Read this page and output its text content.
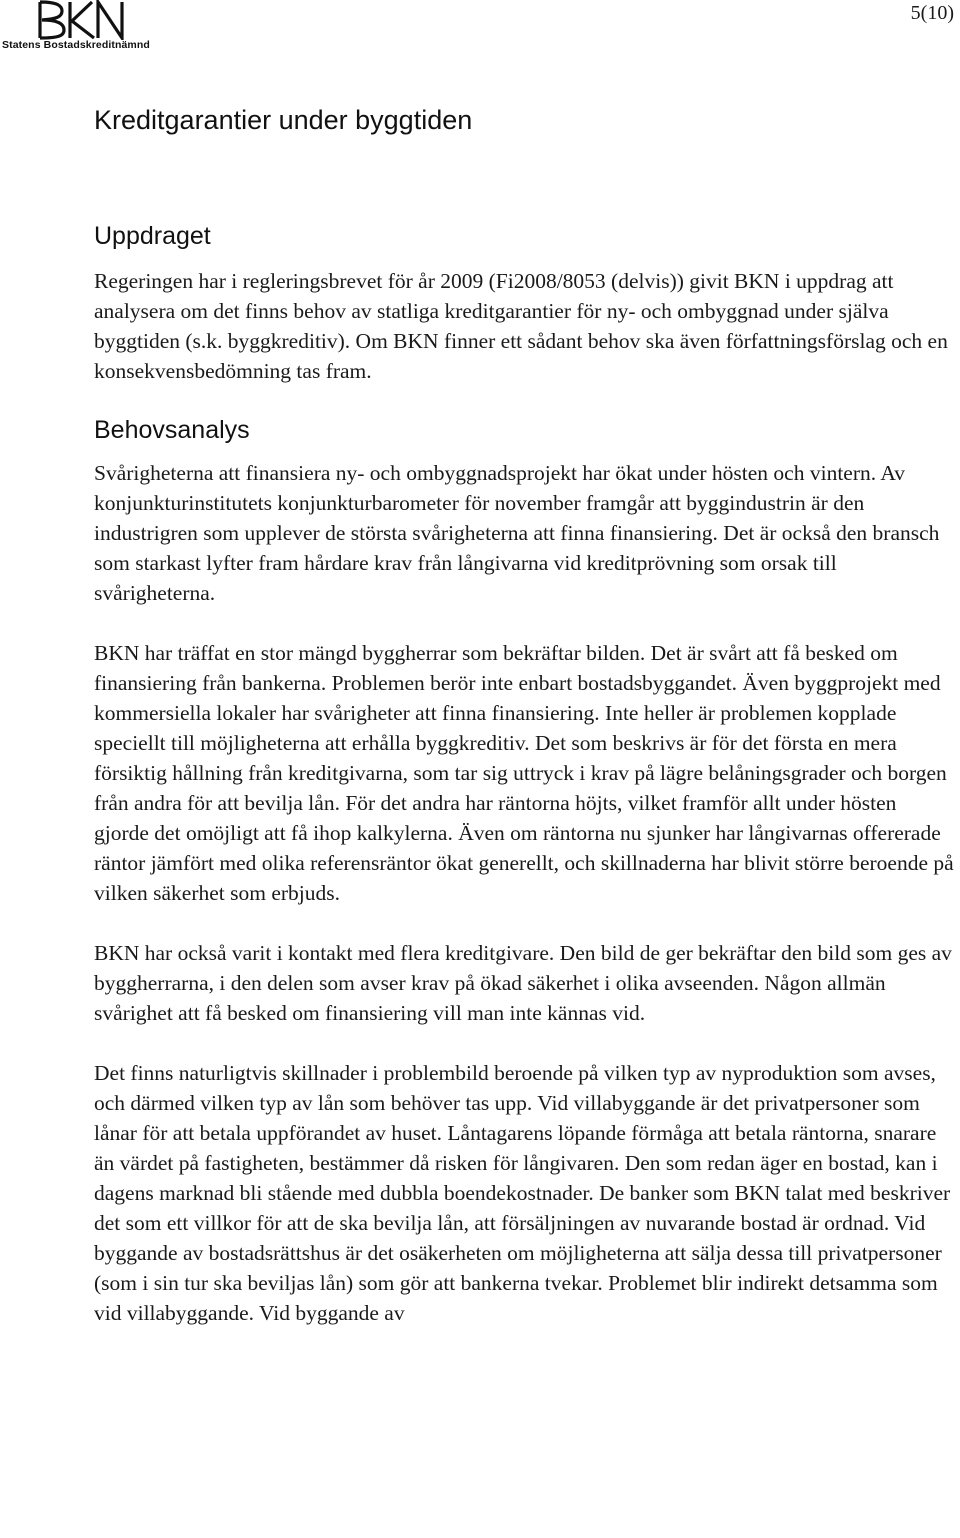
Statens Bostadskreditnämnd
5(10)
Kreditgarantier under byggtiden
Uppdraget

Regeringen har i regleringsbrevet för år 2009 (Fi2008/8053 (delvis)) givit BKN i uppdrag att analysera om det finns behov av statliga kreditgarantier för ny- och ombyggnad under själva byggtiden (s.k. byggkreditiv). Om BKN finner ett sådant behov ska även författningsförslag och en konsekvensbedömning tas fram.

Behovsanalys

Svårigheterna att finansiera ny- och ombyggnadsprojekt har ökat under hösten och vintern. Av konjunkturinstitutets konjunkturbarometer för november framgår att byggindustrin är den industrigren som upplever de största svårigheterna att finna finansiering. Det är också den bransch som starkast lyfter fram hårdare krav från långivarna vid kreditprövning som orsak till svårigheterna.

BKN har träffat en stor mängd byggherrar som bekräftar bilden. Det är svårt att få besked om finansiering från bankerna. Problemen berör inte enbart bostadsbyggandet. Även byggprojekt med kommersiella lokaler har svårigheter att finna finansiering. Inte heller är problemen kopplade speciellt till möjligheterna att erhålla byggkreditiv. Det som beskrivs är för det första en mera försiktig hållning från kreditgivarna, som tar sig uttryck i krav på lägre belåningsgrader och borgen från andra för att bevilja lån. För det andra har räntorna höjts, vilket framför allt under hösten gjorde det omöjligt att få ihop kalkylerna. Även om räntorna nu sjunker har långivarnas offererade räntor jämfört med olika referensräntor ökat generellt, och skillnaderna har blivit större beroende på vilken säkerhet som erbjuds.

BKN har också varit i kontakt med flera kreditgivare. Den bild de ger bekräftar den bild som ges av byggherrarna, i den delen som avser krav på ökad säkerhet i olika avseenden. Någon allmän svårighet att få besked om finansiering vill man inte kännas vid.

Det finns naturligtvis skillnader i problembild beroende på vilken typ av nyproduktion som avses, och därmed vilken typ av lån som behöver tas upp. Vid villabyggande är det privatpersoner som lånar för att betala uppförandet av huset. Låntagarens löpande förmåga att betala räntorna, snarare än värdet på fastigheten, bestämmer då risken för långivaren. Den som redan äger en bostad, kan i dagens marknad bli stående med dubbla boendekostnader. De banker som BKN talat med beskriver det som ett villkor för att de ska bevilja lån, att försäljningen av nuvarande bostad är ordnad. Vid byggande av bostadsrättshus är det osäkerheten om möjligheterna att sälja dessa till privatpersoner (som i sin tur ska beviljas lån) som gör att bankerna tvekar. Problemet blir indirekt detsamma som vid villabyggande. Vid byggande av
